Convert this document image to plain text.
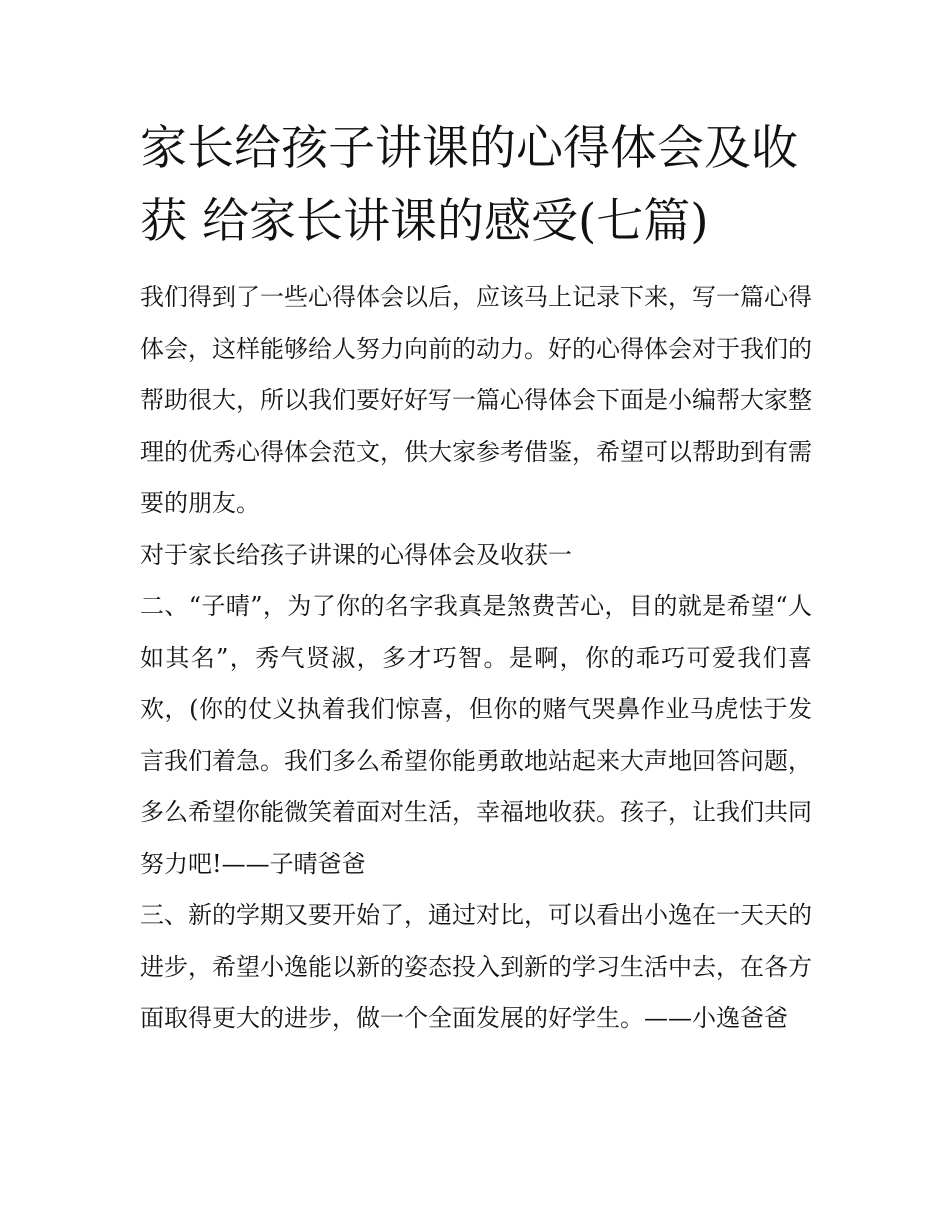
家长给孩子讲课的心得体会及收获 给家长讲课的感受(七篇)

我们得到了一些心得体会以后，应该马上记录下来，写一篇心得体会，这样能够给人努力向前的动力。好的心得体会对于我们的帮助很大，所以我们要好好写一篇心得体会下面是小编帮大家整理的优秀心得体会范文，供大家参考借鉴，希望可以帮助到有需要的朋友。

对于家长给孩子讲课的心得体会及收获一

二、“子晴”，为了你的名字我真是煞费苦心，目的就是希望“人如其名”，秀气贤淑，多才巧智。是啊，你的乖巧可爱我们喜欢，(你的仗义执着我们惊喜，但你的赌气哭鼻作业马虎怯于发言我们着急。我们多么希望你能勇敢地站起来大声地回答问题，多么希望你能微笑着面对生活，幸福地收获。孩子，让我们共同努力吧!——子晴爸爸

三、新的学期又要开始了，通过对比，可以看出小逸在一天天的进步，希望小逸能以新的姿态投入到新的学习生活中去，在各方面取得更大的进步，做一个全面发展的好学生。——小逸爸爸
